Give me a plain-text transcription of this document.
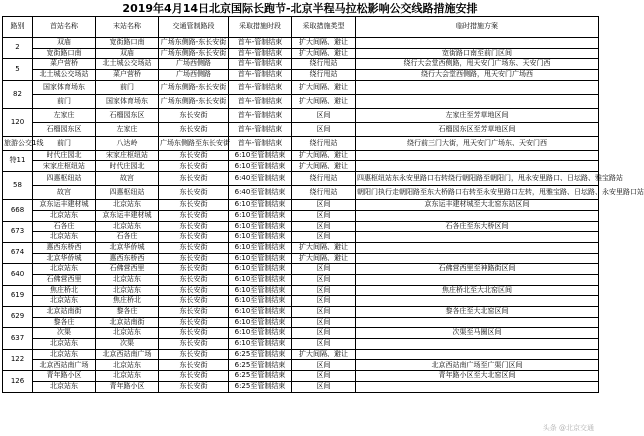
2019年4月14日北京国际长跑节-北京半程马拉松影响公交线路措施安排
路别	首站名称	末站名称	交通管制路段	采取措施时段	采取措施类型	临时措施方案
2	双庙	宽街路口南	广场东侧路-东长安街	首车-管制结束	扩大间隔、避让	
	宽街路口南	双庙	广场东侧路-东长安街	首车-管制结束	扩大间隔、避让	宽街路口南至前门区间
5	菜户营桥	北土城公交场站	广场西侧路	首车-管制结束	绕行甩站	绕行大会堂西侧路，甩天安门广场东、天安门西
	北土城公交场站	菜户营桥	广场西侧路	首车-管制结束	绕行甩站	绕行大会堂西侧路，甩天安门广场西
82	国家体育场东	前门	广场东侧路-东长安街	首车-管制结束	扩大间隔、避让	
	前门	国家体育场东	广场东侧路-东长安街	首车-管制结束	扩大间隔、避让	
120	左家庄	石榴园东区	东长安街	首车-管制结束	区间	左家庄至芳草地区间
	石榴园东区	左家庄	东长安街	首车-管制结束	区间	石榴园东区至芳草地区间
旅游公交1线	前门	八达岭	广场东侧路至东长安街	首车-管制结束	绕行甩站	绕行前三门大街，甩天安门广场东、天安门西
特11	时代庄园北	宋家庄枢纽站	东长安街	6:10至管制结束	扩大间隔、避让	
	宋家庄枢纽站	时代庄园北	东长安街	6:10至管制结束	扩大间隔、避让	
58	四惠枢纽站	故宫	东长安街	6:40至管制结束	绕行甩站	四惠枢纽站东永安里路口右转绕行朝阳路至朝阳门，甩永安里路口、日坛路、雅宝路站
	故宫	四惠枢纽站	东长安街	6:40至管制结束	绕行甩站	朝阳门执行走朝阳路至东大桥路口右转至永安里路口左转，甩雅宝路、日坛路、永安里路口站
668	京东运丰建材城	北京站东	东长安街	6:10至管制结束	区间	京东运丰建材城至大北窑东站区间
	北京站东	京东运丰建材城	东长安街	6:10至管制结束	区间	
673	石各庄	北京站东	东长安街	6:10至管制结束	区间	石各庄至东大桥区间
	北京站东	石各庄	东长安街	6:10至管制结束	区间	
674	惠西东桥西	北京华侨城	东长安街	6:10至管制结束	扩大间隔、避让	
	北京华侨城	惠西东桥西	东长安街	6:10至管制结束	扩大间隔、避让	
640	北京站东	石佛营西里	东长安街	6:10至管制结束	区间	石佛营西里至神路街区间
	石佛营西里	北京站东	东长安街	6:10至管制结束	区间	
619	焦庄桥北	北京站东	东长安街	6:10至管制结束	区间	焦庄桥北至大北窑区间
	北京站东	焦庄桥北	东长安街	6:10至管制结束	区间	
629	北京站南街	黎各庄	东长安街	6:10至管制结束	区间	黎各庄至大北窑区间
	黎各庄	北京站南街	东长安街	6:10至管制结束	区间	
637	次渠	北京站东	东长安街	6:10至管制结束	区间	次渠至马圈区间
	北京站东	次渠	东长安街	6:10至管制结束	区间	
122	北京站东	北京西站南广场	东长安街	6:25至管制结束	扩大间隔、避让	
	北京西站南广场	北京站东	东长安街	6:25至管制结束	区间	北京西站南广场至广渠门区间
126	青年路小区	北京站东	东长安街	6:25至管制结束	区间	青年路小区至大北窑区间
	北京站东	青年路小区	东长安街	6:25至管制结束	区间	
头条 @北京交通
